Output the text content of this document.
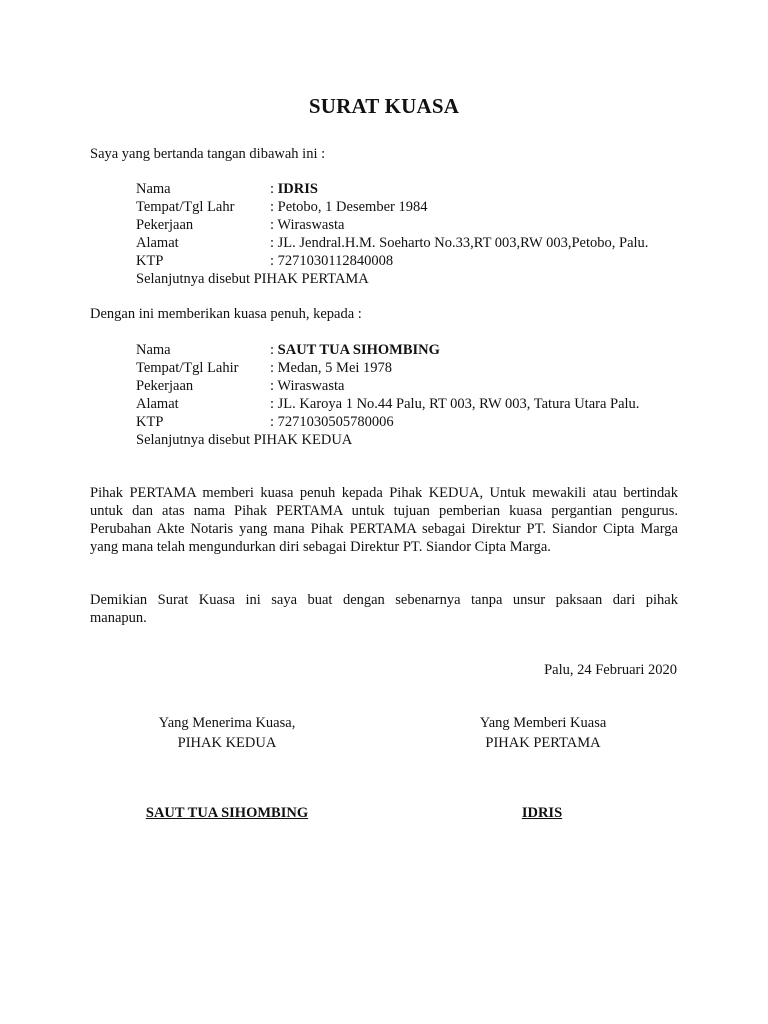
SURAT KUASA
Saya yang bertanda tangan dibawah ini :
Nama	: IDRIS
Tempat/Tgl Lahr : Petobo, 1 Desember 1984
Pekerjaan	: Wiraswasta
Alamat	: JL. Jendral.H.M. Soeharto No.33,RT 003,RW 003,Petobo, Palu.
KTP	: 7271030112840008
Selanjutnya disebut PIHAK PERTAMA
Dengan ini memberikan kuasa penuh, kepada :
Nama	: SAUT TUA SIHOMBING
Tempat/Tgl Lahir : Medan, 5 Mei 1978
Pekerjaan	: Wiraswasta
Alamat	: JL. Karoya 1 No.44 Palu, RT 003, RW 003, Tatura Utara Palu.
KTP	: 7271030505780006
Selanjutnya disebut PIHAK KEDUA
Pihak PERTAMA memberi kuasa penuh kepada Pihak KEDUA, Untuk mewakili atau bertindak
untuk dan atas nama Pihak PERTAMA untuk tujuan pemberian kuasa pergantian pengurus.
Perubahan Akte Notaris yang mana Pihak PERTAMA sebagai Direktur PT. Siandor Cipta Marga
yang mana telah mengundurkan diri sebagai Direktur PT. Siandor Cipta Marga.
Demikian Surat Kuasa ini saya buat dengan sebenarnya tanpa unsur paksaan dari pihak
manapun.
Palu, 24 Februari 2020
Yang Menerima Kuasa,
PIHAK KEDUA
Yang Memberi Kuasa
PIHAK PERTAMA
SAUT TUA SIHOMBING	IDRIS
